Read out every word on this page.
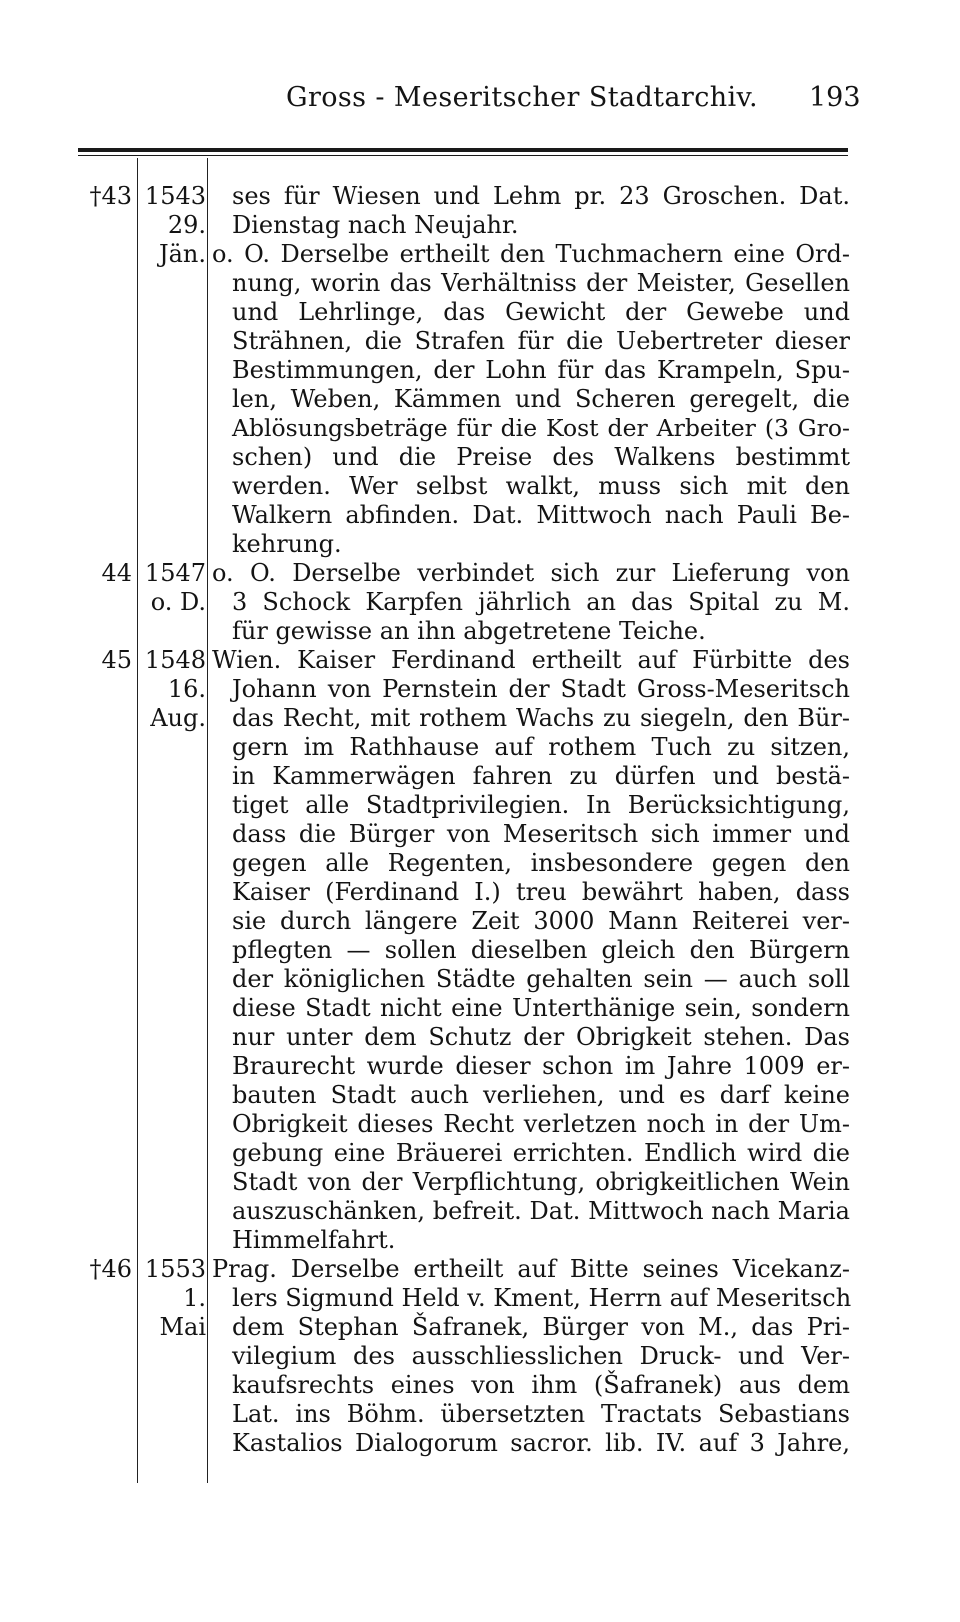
Gross - Meseritscher Stadtarchiv. 193
†43 1543
29.
Jän.
ses für Wiesen und Lehm pr. 23 Groschen. Dat.
Dienstag nach Neujahr.
o. O. Derselbe ertheilt den Tuchmachern eine Ord-
nung, worin das Verhältniss der Meister, Gesellen
und Lehrlinge, das Gewicht der Gewebe und
Strähnen, die Strafen für die Uebertreter dieser
Bestimmungen, der Lohn für das Krampeln, Spu-
len, Weben, Kämmen und Scheren geregelt, die
Ablösungsbeträge für die Kost der Arbeiter (3 Gro-
schen) und die Preise des Walkens bestimmt
werden. Wer selbst walkt, muss sich mit den
Walkern abfinden. Dat. Mittwoch nach Pauli Be-
kehrung.
44 1547
o. D.
o. O. Derselbe verbindet sich zur Lieferung von
3 Schock Karpfen jährlich an das Spital zu M.
für gewisse an ihn abgetretene Teiche.
45 1548
16.
Aug.
Wien. Kaiser Ferdinand ertheilt auf Fürbitte des
Johann von Pernstein der Stadt Gross-Meseritsch
das Recht, mit rothem Wachs zu siegeln, den Bür-
gern im Rathhause auf rothem Tuch zu sitzen,
in Kammerwägen fahren zu dürfen und bestä-
tiget alle Stadtprivilegien. In Berücksichtigung,
dass die Bürger von Meseritsch sich immer und
gegen alle Regenten, insbesondere gegen den
Kaiser (Ferdinand I.) treu bewährt haben, dass
sie durch längere Zeit 3000 Mann Reiterei ver-
pflegten — sollen dieselben gleich den Bürgern
der königlichen Städte gehalten sein — auch soll
diese Stadt nicht eine Unterthänige sein, sondern
nur unter dem Schutz der Obrigkeit stehen. Das
Braurecht wurde dieser schon im Jahre 1009 er-
bauten Stadt auch verliehen, und es darf keine
Obrigkeit dieses Recht verletzen noch in der Um-
gebung eine Bräuerei errichten. Endlich wird die
Stadt von der Verpflichtung, obrigkeitlichen Wein
auszuschänken, befreit. Dat. Mittwoch nach Maria
Himmelfahrt.
†46 1553
1.
Mai
Prag. Derselbe ertheilt auf Bitte seines Vicekanz-
lers Sigmund Held v. Kment, Herrn auf Meseritsch
dem Stephan Šafranek, Bürger von M., das Pri-
vilegium des ausschliesslichen Druck- und Ver-
kaufsrechts eines von ihm (Šafranek) aus dem
Lat. ins Böhm. übersetzten Tractats Sebastians
Kastalios Dialogorum sacror. lib. IV. auf 3 Jahre,
